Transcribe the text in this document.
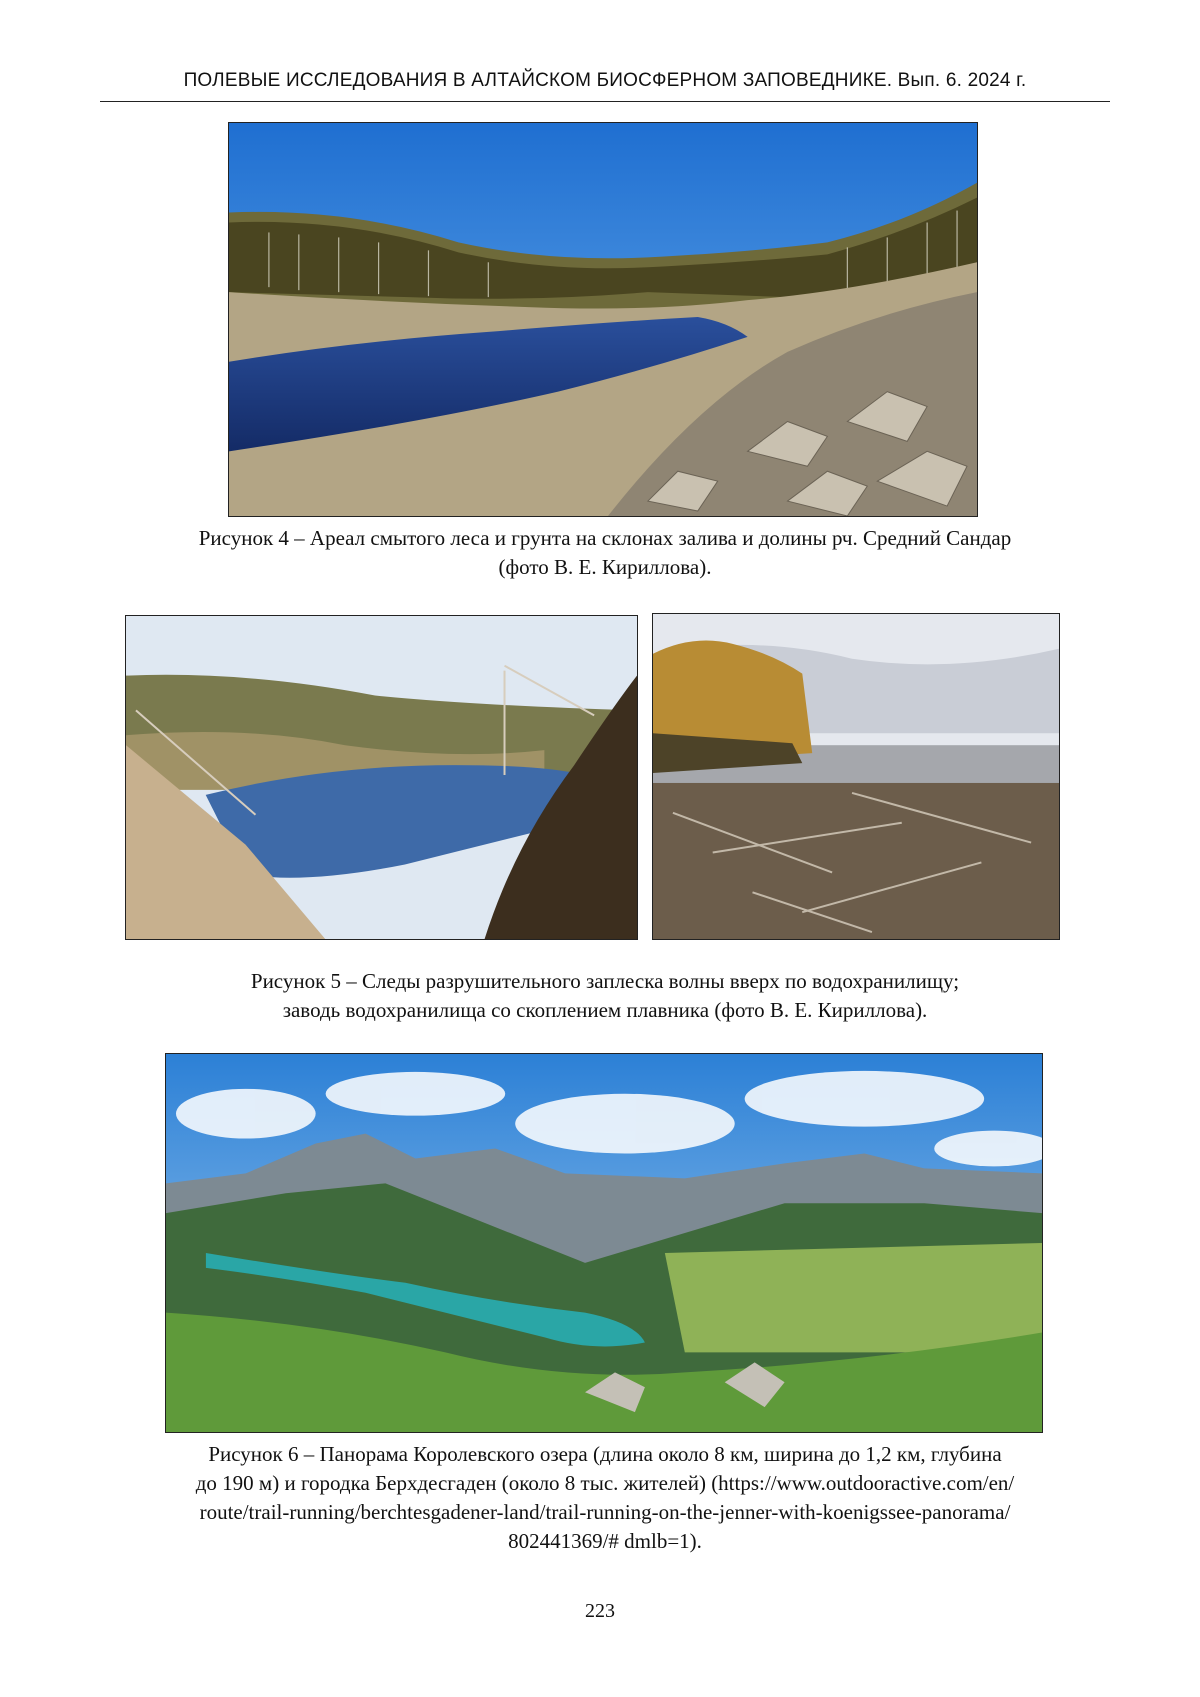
ПОЛЕВЫЕ ИССЛЕДОВАНИЯ В АЛТАЙСКОМ БИОСФЕРНОМ ЗАПОВЕДНИКЕ. Вып. 6. 2024 г.
Рисунок 4 – Ареал смытого леса и грунта на склонах залива и долины рч. Средний Сандар
(фото В. Е. Кириллова).
Рисунок 5 – Следы разрушительного заплеска волны вверх по водохранилищу;
заводь водохранилища со скоплением плавника (фото В. Е. Кириллова).
Рисунок 6 – Панорама Королевского озера (длина около 8 км, ширина до 1,2 км, глубина
до 190 м) и городка Берхдесгаден (около 8 тыс. жителей) (https://www.outdooractive.com/en/
route/trail-running/berchtesgadener-land/trail-running-on-the-jenner-with-koenigssee-panorama/
802441369/# dmlb=1).
223
